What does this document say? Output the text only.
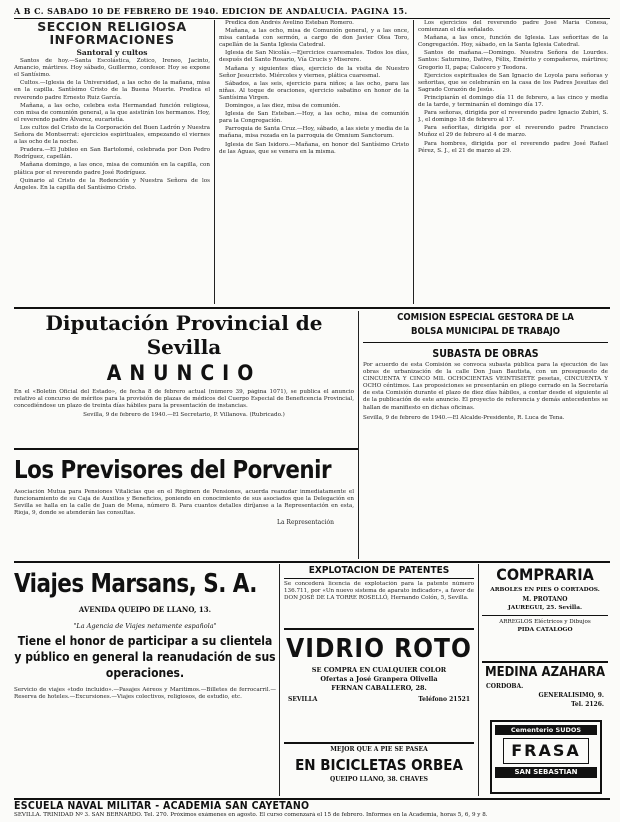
A B C. SABADO 10 DE FEBRERO DE 1940. EDICION DE ANDALUCIA. PAGINA 15.
SECCION RELIGIOSA
INFORMACIONES
Santoral y cultos

Santos de hoy.—Santa Escolástica, Zotico, Ireneo, Jacinto, Amancio, mártires. Hoy sábado, Guillermo, confesor. Hoy se expone el Santísimo.

Cultos.—Iglesia de la Universidad, a las ocho de la mañana, misa en la capilla. Santísimo Cristo de la Buena Muerte. Predica el reverendo padre Ernesto Ruiz García.

Mañana, a las ocho, celebra esta Hermandad función religiosa, con misa de comunión general, a la que asistirán los hermanos. Hoy, el reverendo padre Álvarez, eucaristía.

Los cultos del Cristo de la Corporación del Buen Ladrón y Nuestra Señora de Montserrat: ejercicios espirituales, empezando el viernes a las ocho de la noche.

Pradera.—El Jubileo en San Bartolomé, celebrada por Don Pedro Rodríguez, capellán.

Mañana domingo, a las once, misa de comunión en la capilla, con plática por el reverendo padre José Rodríguez.

Quinario al Cristo de la Redención y Nuestra Señora de los Ángeles. En la capilla del Santísimo Cristo.

Predica don Andrés Avelino Esteban Romero.

Mañana, a las ocho, misa de Comunión general, y a las once, misa cantada con sermón, a cargo de don Javier Olea Toro, capellán de la Santa Iglesia Catedral.

Iglesia de San Nicolás.—Ejercicios cuaresmales. Todos los días, después del Santo Rosario, Vía Crucis y Miserere.

Mañana y siguientes días, ejercicio de la visita de Nuestro Señor Jesucristo. Miércoles y viernes, plática cuaresmal.

Sábados, a las seis, ejercicio para niños; a las ocho, para las niñas. Al toque de oraciones, ejercicio sabatino en honor de la Santísima Virgen.

Domingos, a las diez, misa de comunión.

Iglesia de San Esteban.—Hoy, a las ocho, misa de comunión para la Congregación.

Parroquia de Santa Cruz.—Hoy, sábado, a las siete y media de la mañana, misa rezada en la parroquia de Omnium Sanctorum.

Iglesia de San Isidoro.—Mañana, en honor del Santísimo Cristo de las Aguas, que se venera en la misma.

Los ejercicios del reverendo padre José María Conesa, comienzan el día señalado.

Mañana, a las once, función de Iglesia. Las señoritas de la Congregación. Hoy, sábado, en la Santa Iglesia Catedral.

Santos de mañana.—Domingo. Nuestra Señora de Lourdes. Santos: Saturnino, Dativo, Félix, Emérito y compañeros, mártires; Gregorio II, papa; Calocero y Teodora.

Ejercicios espirituales de San Ignacio de Loyola para señoras y señoritas, que se celebrarán en la casa de los Padres Jesuitas del Sagrado Corazón de Jesús.

Principiarán el domingo día 11 de febrero, a las cinco y media de la tarde, y terminarán el domingo día 17.

Para señoras, dirigida por el reverendo padre Ignacio Zubiri, S. J., el domingo 18 de febrero al 17.

Para señoritas, dirigida por el reverendo padre Francisco Muñoz el 29 de febrero al 4 de marzo.

Para hombres, dirigida por el reverendo padre José Rafael Pérez, S. J., el 21 de marzo al 29.

Diputación Provincial de Sevilla
ANUNCIO
En el «Boletín Oficial del Estado», de fecha 8 de febrero actual (número 39, página 1071), se publica el anuncio relativo al concurso de méritos para la provisión de plazas de médicos del Cuerpo Especial de Beneficencia Provincial, concediéndose un plazo de treinta días hábiles para la presentación de instancias.
Sevilla, 9 de febrero de 1940.—El Secretario, P. Villanova. (Rubricado.)
Los Previsores del Porvenir
Asociación Mutua para Pensiones Vitalicias que en el Régimen de Pensiones, acuerda reanudar inmediatamente el funcionamiento de su Caja de Auxilios y Beneficios, poniendo en conocimiento de sus asociados que la Delegación en Sevilla se halla en la calle de Juan de Mena, número 8. Para cuantos detalles diríjanse a la Representación en esta, Rioja, 9, donde se atenderán las consultas.
La Representación
COMISION ESPECIAL GESTORA DE LA
BOLSA MUNICIPAL DE TRABAJO
SUBASTA DE OBRAS
Por acuerdo de esta Comisión se convoca subasta pública para la ejecución de las obras de urbanización de la calle Don Juan Bautista, con un presupuesto de CINCUENTA Y CINCO MIL OCHOCIENTAS VEINTISIETE pesetas, CINCUENTA Y OCHO céntimos. Las proposiciones se presentarán en pliego cerrado en la Secretaría de esta Comisión durante el plazo de diez días hábiles, a contar desde el siguiente al de la publicación de este anuncio. El proyecto de referencia y demás antecedentes se hallan de manifiesto en dichas oficinas.
Sevilla, 9 de febrero de 1940.—El Alcalde-Presidente, R. Luca de Tena.
Viajes Marsans, S. A.
AVENIDA QUEIPO DE LLANO, 13.
"La Agencia de Viajes netamente española"
Tiene el honor de participar a su clientela y público en general la reanudación de sus operaciones.
Servicio de viajes «todo incluido».—Pasajes Aéreos y Marítimos.—Billetes de ferrocarril.—Reserva de hoteles.—Excursiones.—Viajes colectivos, religiosos, de estudio, etc.
EXPLOTACION DE PATENTES
Se concederá licencia de explotación para la patente número 136.711, por «Un nuevo sistema de aparato indicador», a favor de DON JOSÉ DE LA TORRE ROSELLÓ, Hernando Colón, 5, Sevilla.
VIDRIO ROTO
SE COMPRA EN CUALQUIER COLOR
Ofertas a José Granpera Olivella
FERNAN CABALLERO, 28.
SEVILLA	Teléfono 21521
MEJOR QUE A PIE SE PASEA
EN BICICLETAS ORBEA
QUEIPO LLANO, 38. CHAVES
COMPRARIA
ARBOLES EN PIES O CORTADOS.
M. PROTANO
JAUREGUI, 25. Sevilla.
ARREGLOS Eléctricos y Dibujos
PIDA CATALOGO
MEDINA AZAHARA
CORDOBA.
GENERALISIMO, 9.
Tel. 2126.
Cementerio SUDOS
FRASA
SAN SEBASTIAN
ESCUELA NAVAL MILITAR - ACADEMIA SAN CAYETANO
SEVILLA. TRINIDAD Nº 3. SAN BERNARDO. Tel. 270. Próximos exámenes en agosto. El curso comenzará el 15 de febrero. Informes en la Academia, horas 5, 6, 9 y 8.
